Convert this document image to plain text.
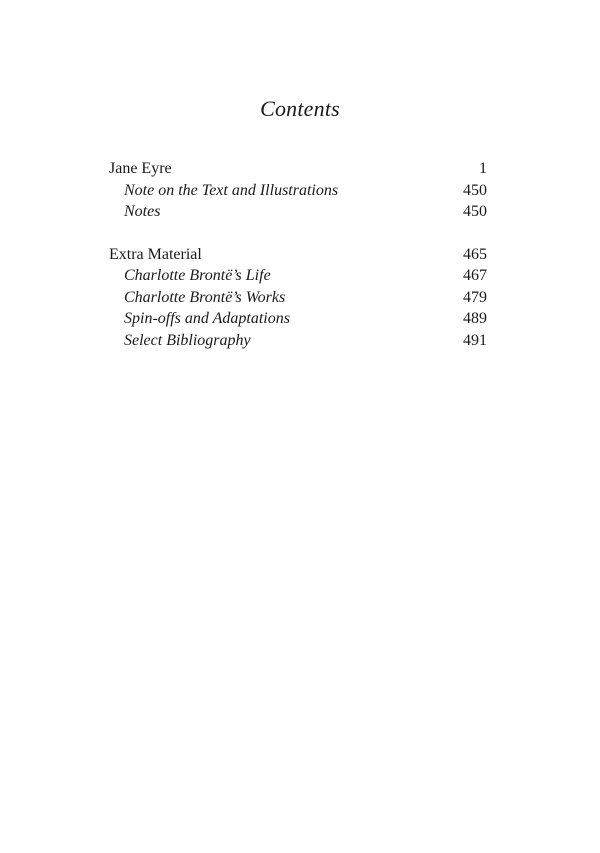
Contents
Jane Eyre	1
Note on the Text and Illustrations	450
Notes	450
Extra Material	465
Charlotte Brontë’s Life	467
Charlotte Brontë’s Works	479
Spin-offs and Adaptations	489
Select Bibliography	491
